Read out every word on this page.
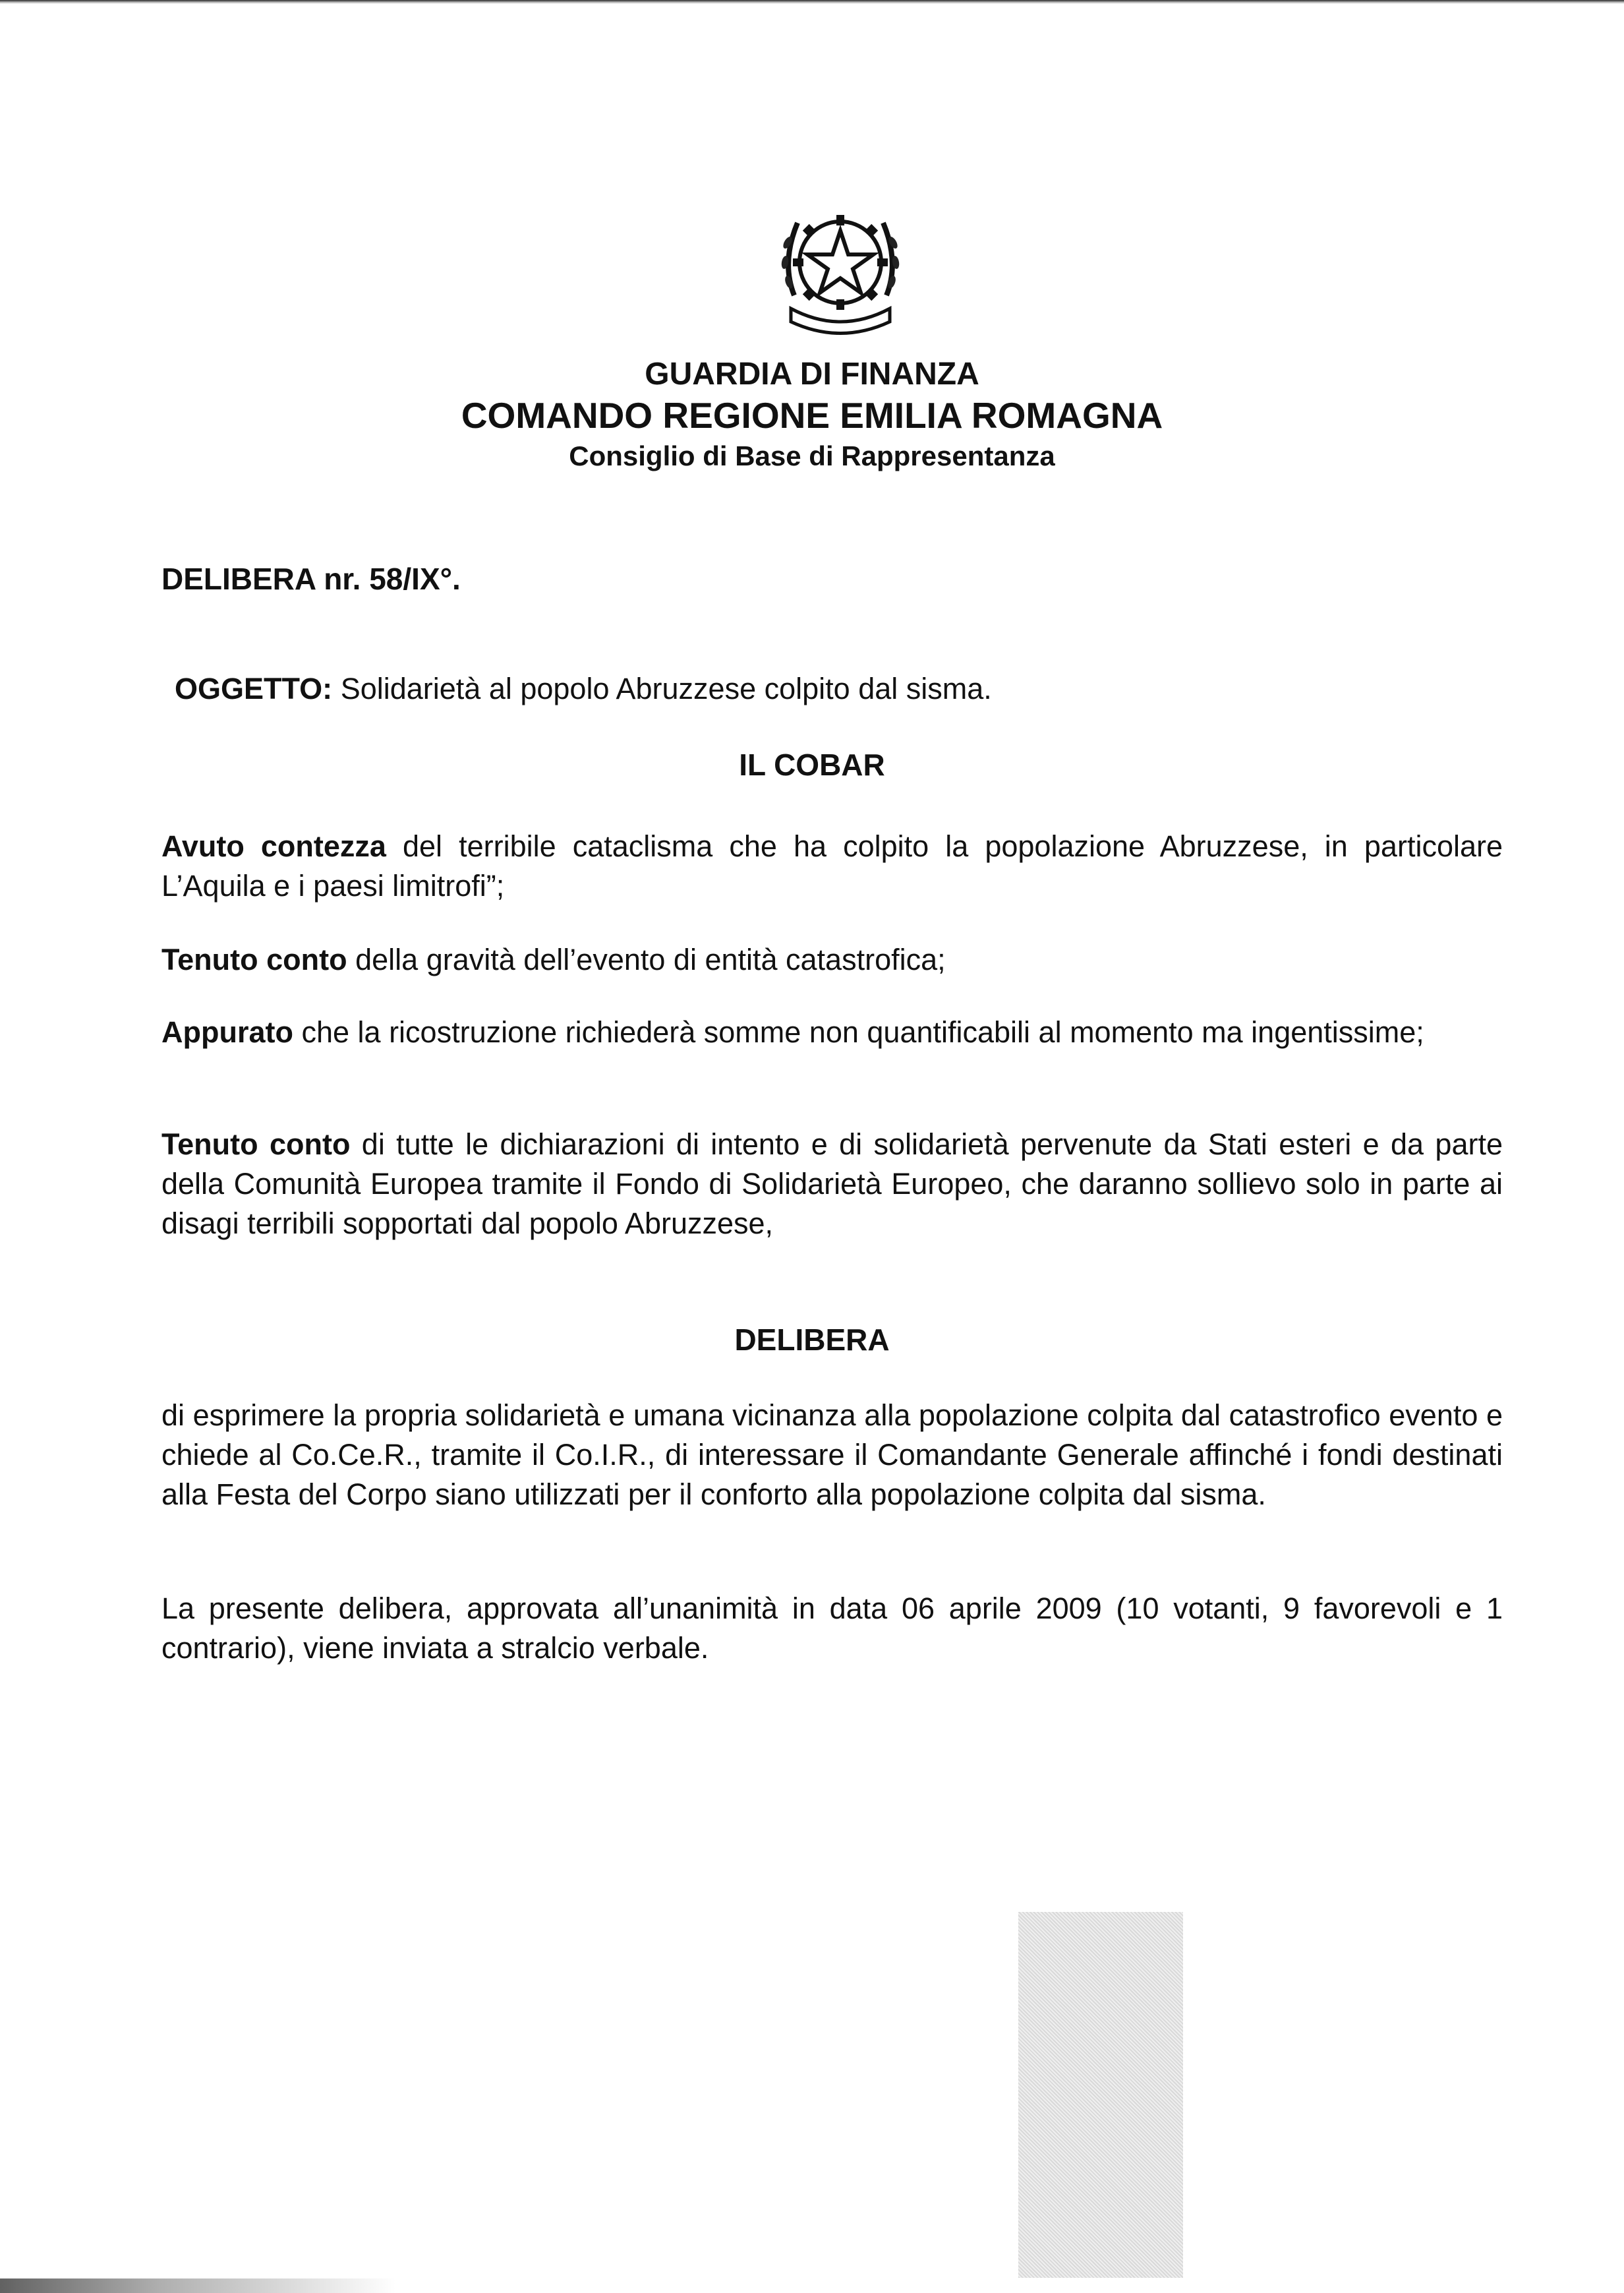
GUARDIA DI FINANZA
COMANDO REGIONE EMILIA ROMAGNA
Consiglio di Base di Rappresentanza
DELIBERA nr. 58/IX°.
OGGETTO: Solidarietà al popolo Abruzzese colpito dal sisma.
IL COBAR
Avuto contezza del terribile cataclisma che ha colpito la popolazione Abruzzese, in particolare L’Aquila e i paesi limitrofi”;
Tenuto conto della gravità dell’evento di entità catastrofica;
Appurato che la ricostruzione richiederà somme non quantificabili al momento ma ingentissime;
Tenuto conto di tutte le dichiarazioni di intento e di solidarietà pervenute da Stati esteri e da parte della Comunità Europea tramite il Fondo di Solidarietà Europeo, che daranno sollievo solo in parte ai disagi terribili sopportati dal popolo Abruzzese,
DELIBERA
di esprimere la propria solidarietà e umana vicinanza alla popolazione colpita dal catastrofico evento e chiede al Co.Ce.R., tramite il Co.I.R., di interessare il Comandante Generale affinché i fondi destinati alla Festa del Corpo siano utilizzati per il conforto alla popolazione colpita dal sisma.
La presente delibera, approvata all’unanimità in data 06 aprile 2009 (10 votanti, 9 favorevoli e 1 contrario), viene inviata a stralcio verbale.
